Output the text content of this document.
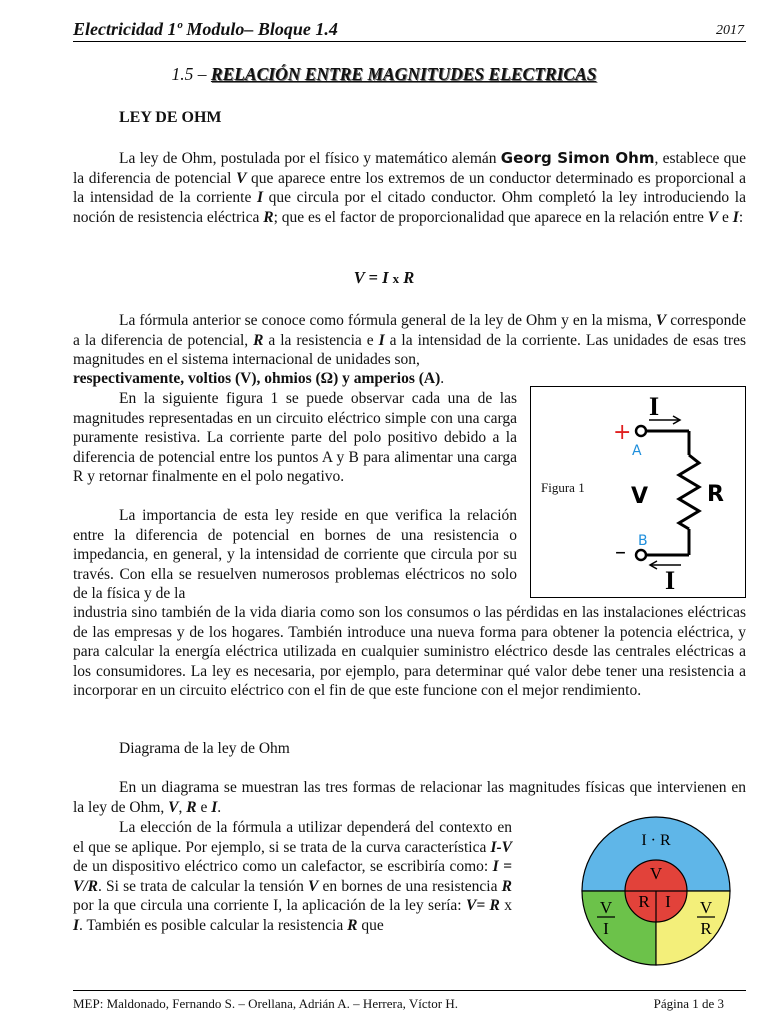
Electricidad 1º Modulo– Bloque 1.4	2017
1.5 – RELACIÓN ENTRE MAGNITUDES ELECTRICAS
LEY DE OHM
La ley de Ohm, postulada por el físico y matemático alemán Georg Simon Ohm, establece que la diferencia de potencial V que aparece entre los extremos de un conductor determinado es proporcional a la intensidad de la corriente I que circula por el citado conductor. Ohm completó la ley introduciendo la noción de resistencia eléctrica R; que es el factor de proporcionalidad que aparece en la relación entre V e I:
V = I x R

La fórmula anterior se conoce como fórmula general de la ley de Ohm y en la misma, V corresponde a la diferencia de potencial, R a la resistencia e I a la intensidad de la corriente. Las unidades de esas tres magnitudes en el sistema internacional de unidades son,

respectivamente, voltios (V), ohmios (Ω) y amperios (A).
En la siguiente figura 1 se puede observar cada una de las magnitudes representadas en un circuito eléctrico simple con una carga puramente resistiva. La corriente parte del polo positivo debido a la diferencia de potencial entre los puntos A y B para alimentar una carga R y retornar finalmente en el polo negativo.
La importancia de esta ley reside en que verifica la relación entre la diferencia de potencial en bornes de una resistencia o impedancia, en general, y la intensidad de corriente que circula por su través. Con ella se resuelven numerosos problemas eléctricos no solo de la física y de la
industria sino también de la vida diaria como son los consumos o las pérdidas en las instalaciones eléctricas de las empresas y de los hogares. También introduce una nueva forma para obtener la potencia eléctrica, y para calcular la energía eléctrica utilizada en cualquier suministro eléctrico desde las centrales eléctricas a los consumidores. La ley es necesaria, por ejemplo, para determinar qué valor debe tener una resistencia a incorporar en un circuito eléctrico con el fin de que este funcione con el mejor rendimiento.
Figura 1
I
I
+
–
A
B
V	R
Diagrama de la ley de Ohm
En un diagrama se muestran las tres formas de relacionar las magnitudes físicas que intervienen en la ley de Ohm, V, R e I.
La elección de la fórmula a utilizar dependerá del contexto en el que se aplique. Por ejemplo, si se trata de la curva característica I-V de un dispositivo eléctrico como un calefactor, se escribiría como: I = V/R. Si se trata de calcular la tensión V en bornes de una resistencia R por la que circula una corriente I, la aplicación de la ley sería: V= R x I. También es posible calcular la resistencia R que
I · R
V
R I
V
I
V
R
MEP: Maldonado, Fernando S. – Orellana, Adrián A. – Herrera, Víctor H.	Página 1 de 3
